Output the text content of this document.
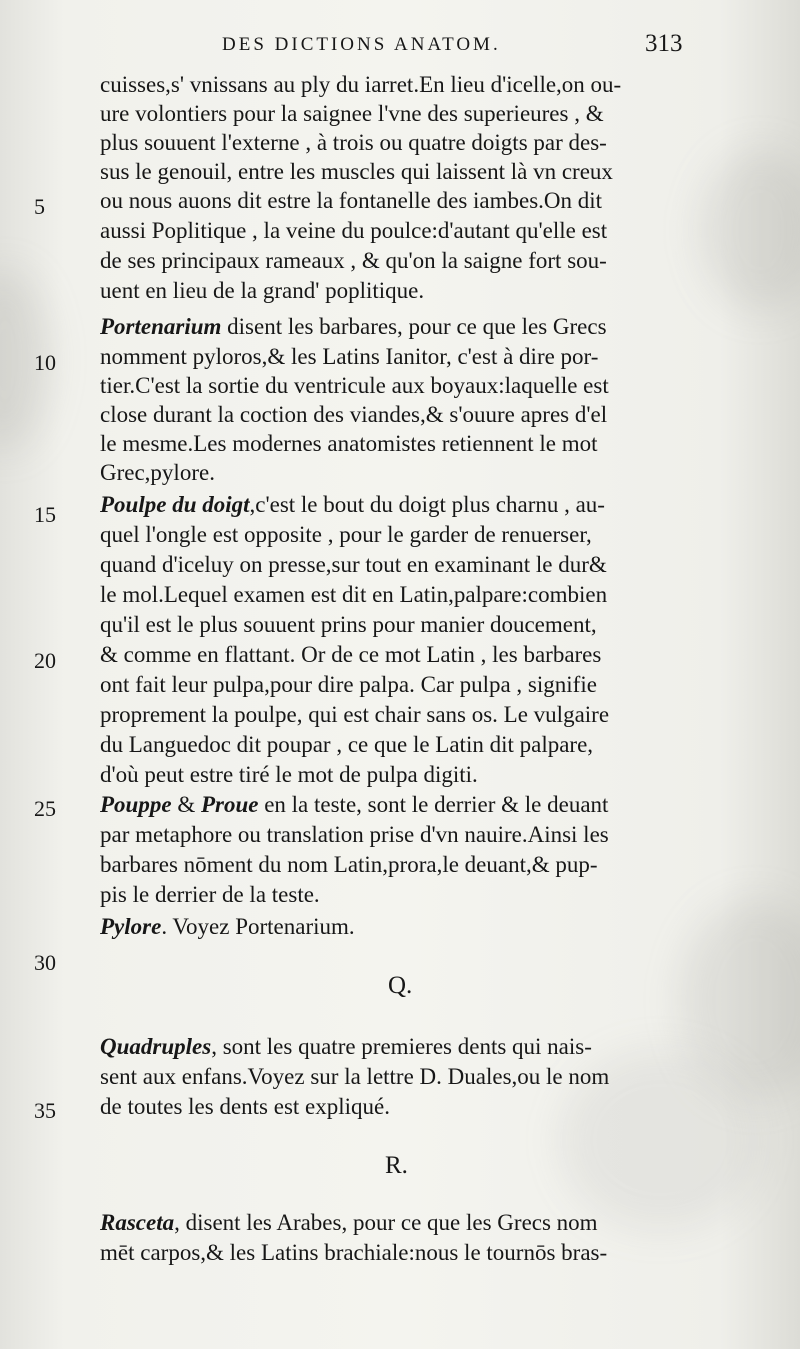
DES DICTIONS ANATOM.	313
cuisses,s' vnissans au ply du iarret.En lieu d'icelle,on ou-
ure volontiers pour la saignee l'vne des superieures , &
plus souuent l'externe , à trois ou quatre doigts par des-
sus le genouil, entre les muscles qui laissent là vn creux
ou nous auons dit estre la fontanelle des iambes.On dit
aussi Poplitique , la veine du poulce:d'autant qu'elle est
de ses principaux rameaux , & qu'on la saigne fort sou-
uent en lieu de la grand' poplitique.
Portenarium disent les barbares, pour ce que les Grecs
nomment pyloros,& les Latins Ianitor, c'est à dire por-
tier.C'est la sortie du ventricule aux boyaux:laquelle est
close durant la coction des viandes,& s'ouure apres d'el
le mesme.Les modernes anatomistes retiennent le mot
Grec,pylore.
Poulpe du doigt,c'est le bout du doigt plus charnu , au-
quel l'ongle est opposite , pour le garder de renuerser,
quand d'iceluy on presse,sur tout en examinant le dur&
le mol.Lequel examen est dit en Latin,palpare:combien
qu'il est le plus souuent prins pour manier doucement,
& comme en flattant. Or de ce mot Latin , les barbares
ont fait leur pulpa,pour dire palpa. Car pulpa , signifie
proprement la poulpe, qui est chair sans os. Le vulgaire
du Languedoc dit poupar , ce que le Latin dit palpare,
d'où peut estre tiré le mot de pulpa digiti.
Pouppe & Proue en la teste, sont le derrier & le deuant
par metaphore ou translation prise d'vn nauire.Ainsi les
barbares nōment du nom Latin,prora,le deuant,& pup-
pis le derrier de la teste.
Pylore. Voyez Portenarium.
Q.
Quadruples, sont les quatre premieres dents qui nais-
sent aux enfans.Voyez sur la lettre D. Duales,ou le nom
de toutes les dents est expliqué.
R.
Rasceta, disent les Arabes, pour ce que les Grecs nom
mēt carpos,& les Latins brachiale:nous le tournōs bras-
5
10
15
20
25
30
35
